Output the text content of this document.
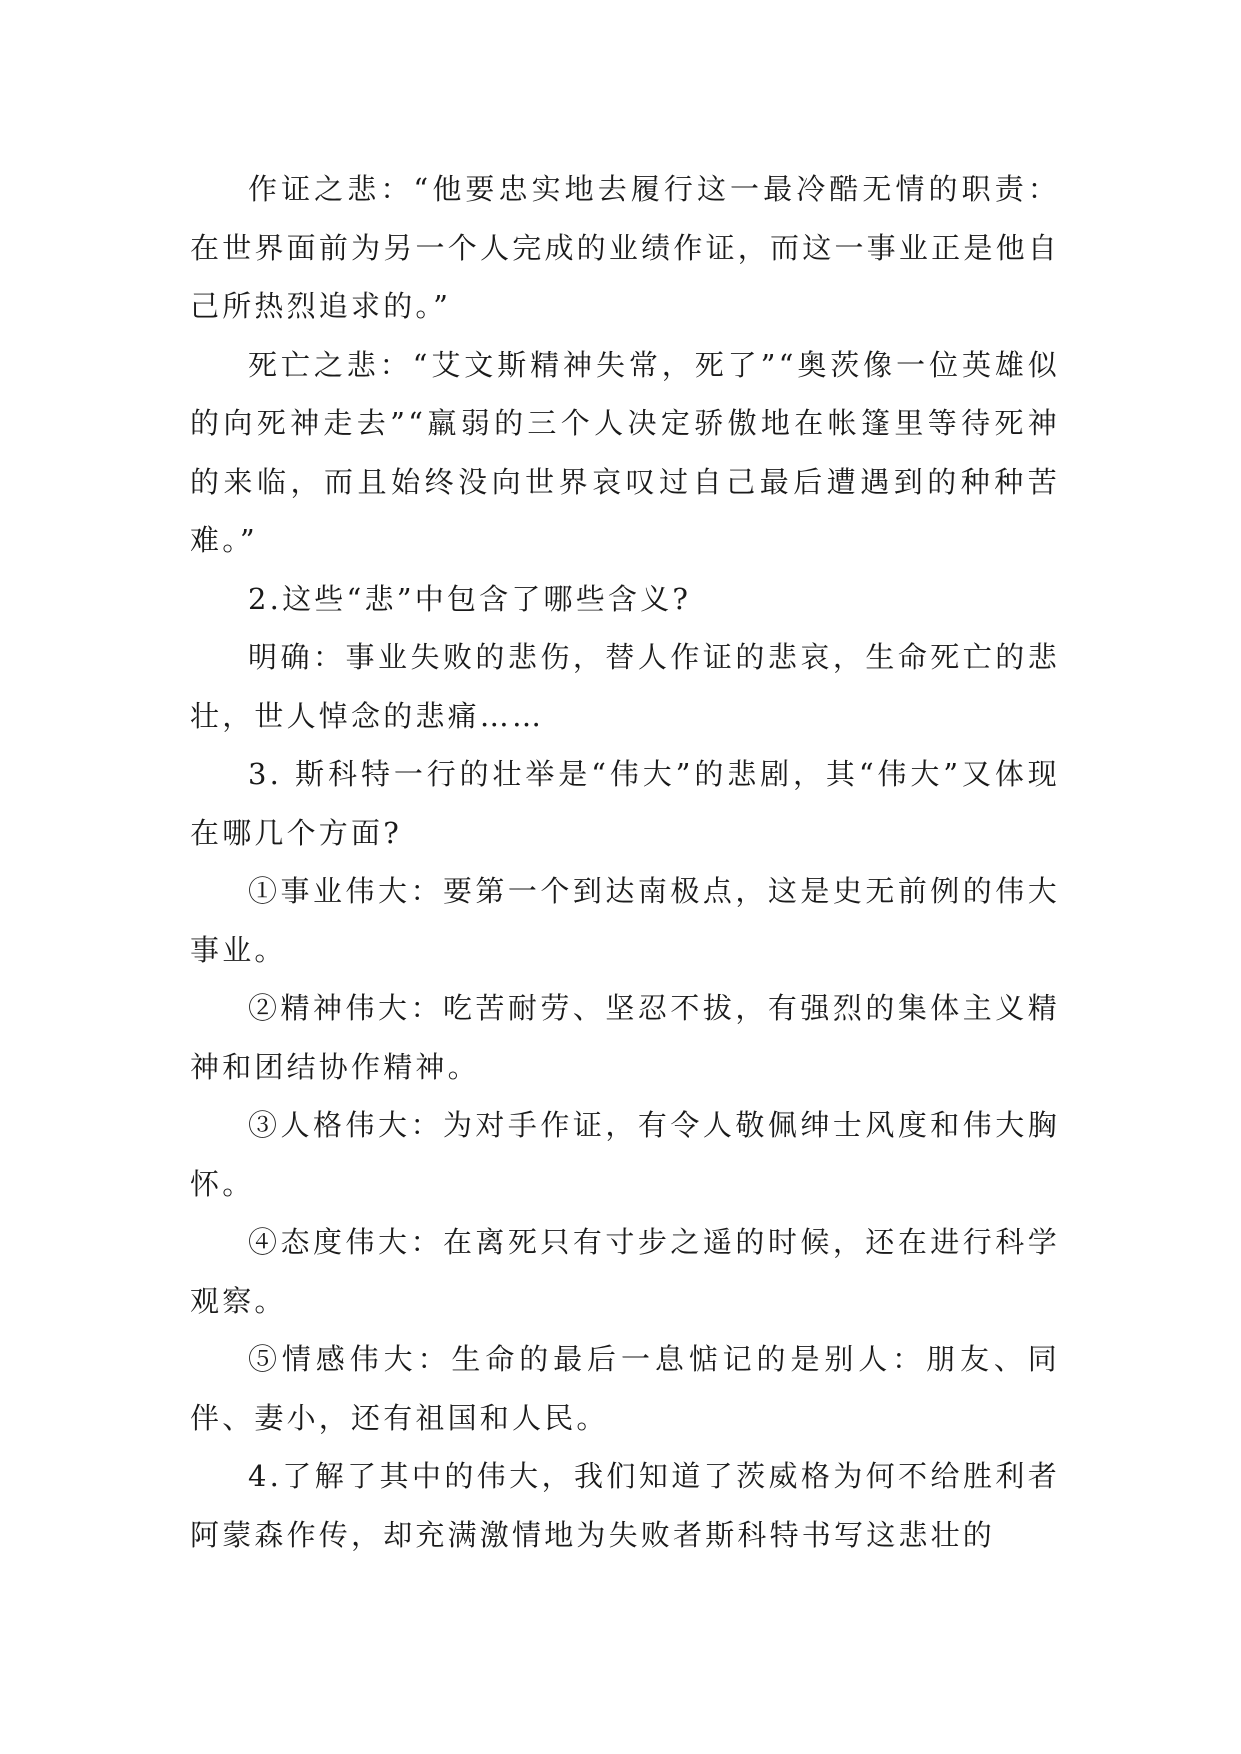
作证之悲：“他要忠实地去履行这一最冷酷无情的职责：在世界面前为另一个人完成的业绩作证，而这一事业正是他自己所热烈追求的。”

死亡之悲：“艾文斯精神失常，死了”“奥茨像一位英雄似的向死神走去”“羸弱的三个人决定骄傲地在帐篷里等待死神的来临，而且始终没向世界哀叹过自己最后遭遇到的种种苦难。”

2.这些“悲”中包含了哪些含义?

明确：事业失败的悲伤，替人作证的悲哀，生命死亡的悲壮，世人悼念的悲痛……

3. 斯科特一行的壮举是“伟大”的悲剧，其“伟大”又体现在哪几个方面?

①事业伟大：要第一个到达南极点，这是史无前例的伟大事业。

②精神伟大：吃苦耐劳、坚忍不拔，有强烈的集体主义精神和团结协作精神。

③人格伟大：为对手作证，有令人敬佩绅士风度和伟大胸怀。

④态度伟大：在离死只有寸步之遥的时候，还在进行科学观察。

⑤情感伟大：生命的最后一息惦记的是别人：朋友、同伴、妻小，还有祖国和人民。

4.了解了其中的伟大，我们知道了茨威格为何不给胜利者阿蒙森作传，却充满激情地为失败者斯科特书写这悲壮的
